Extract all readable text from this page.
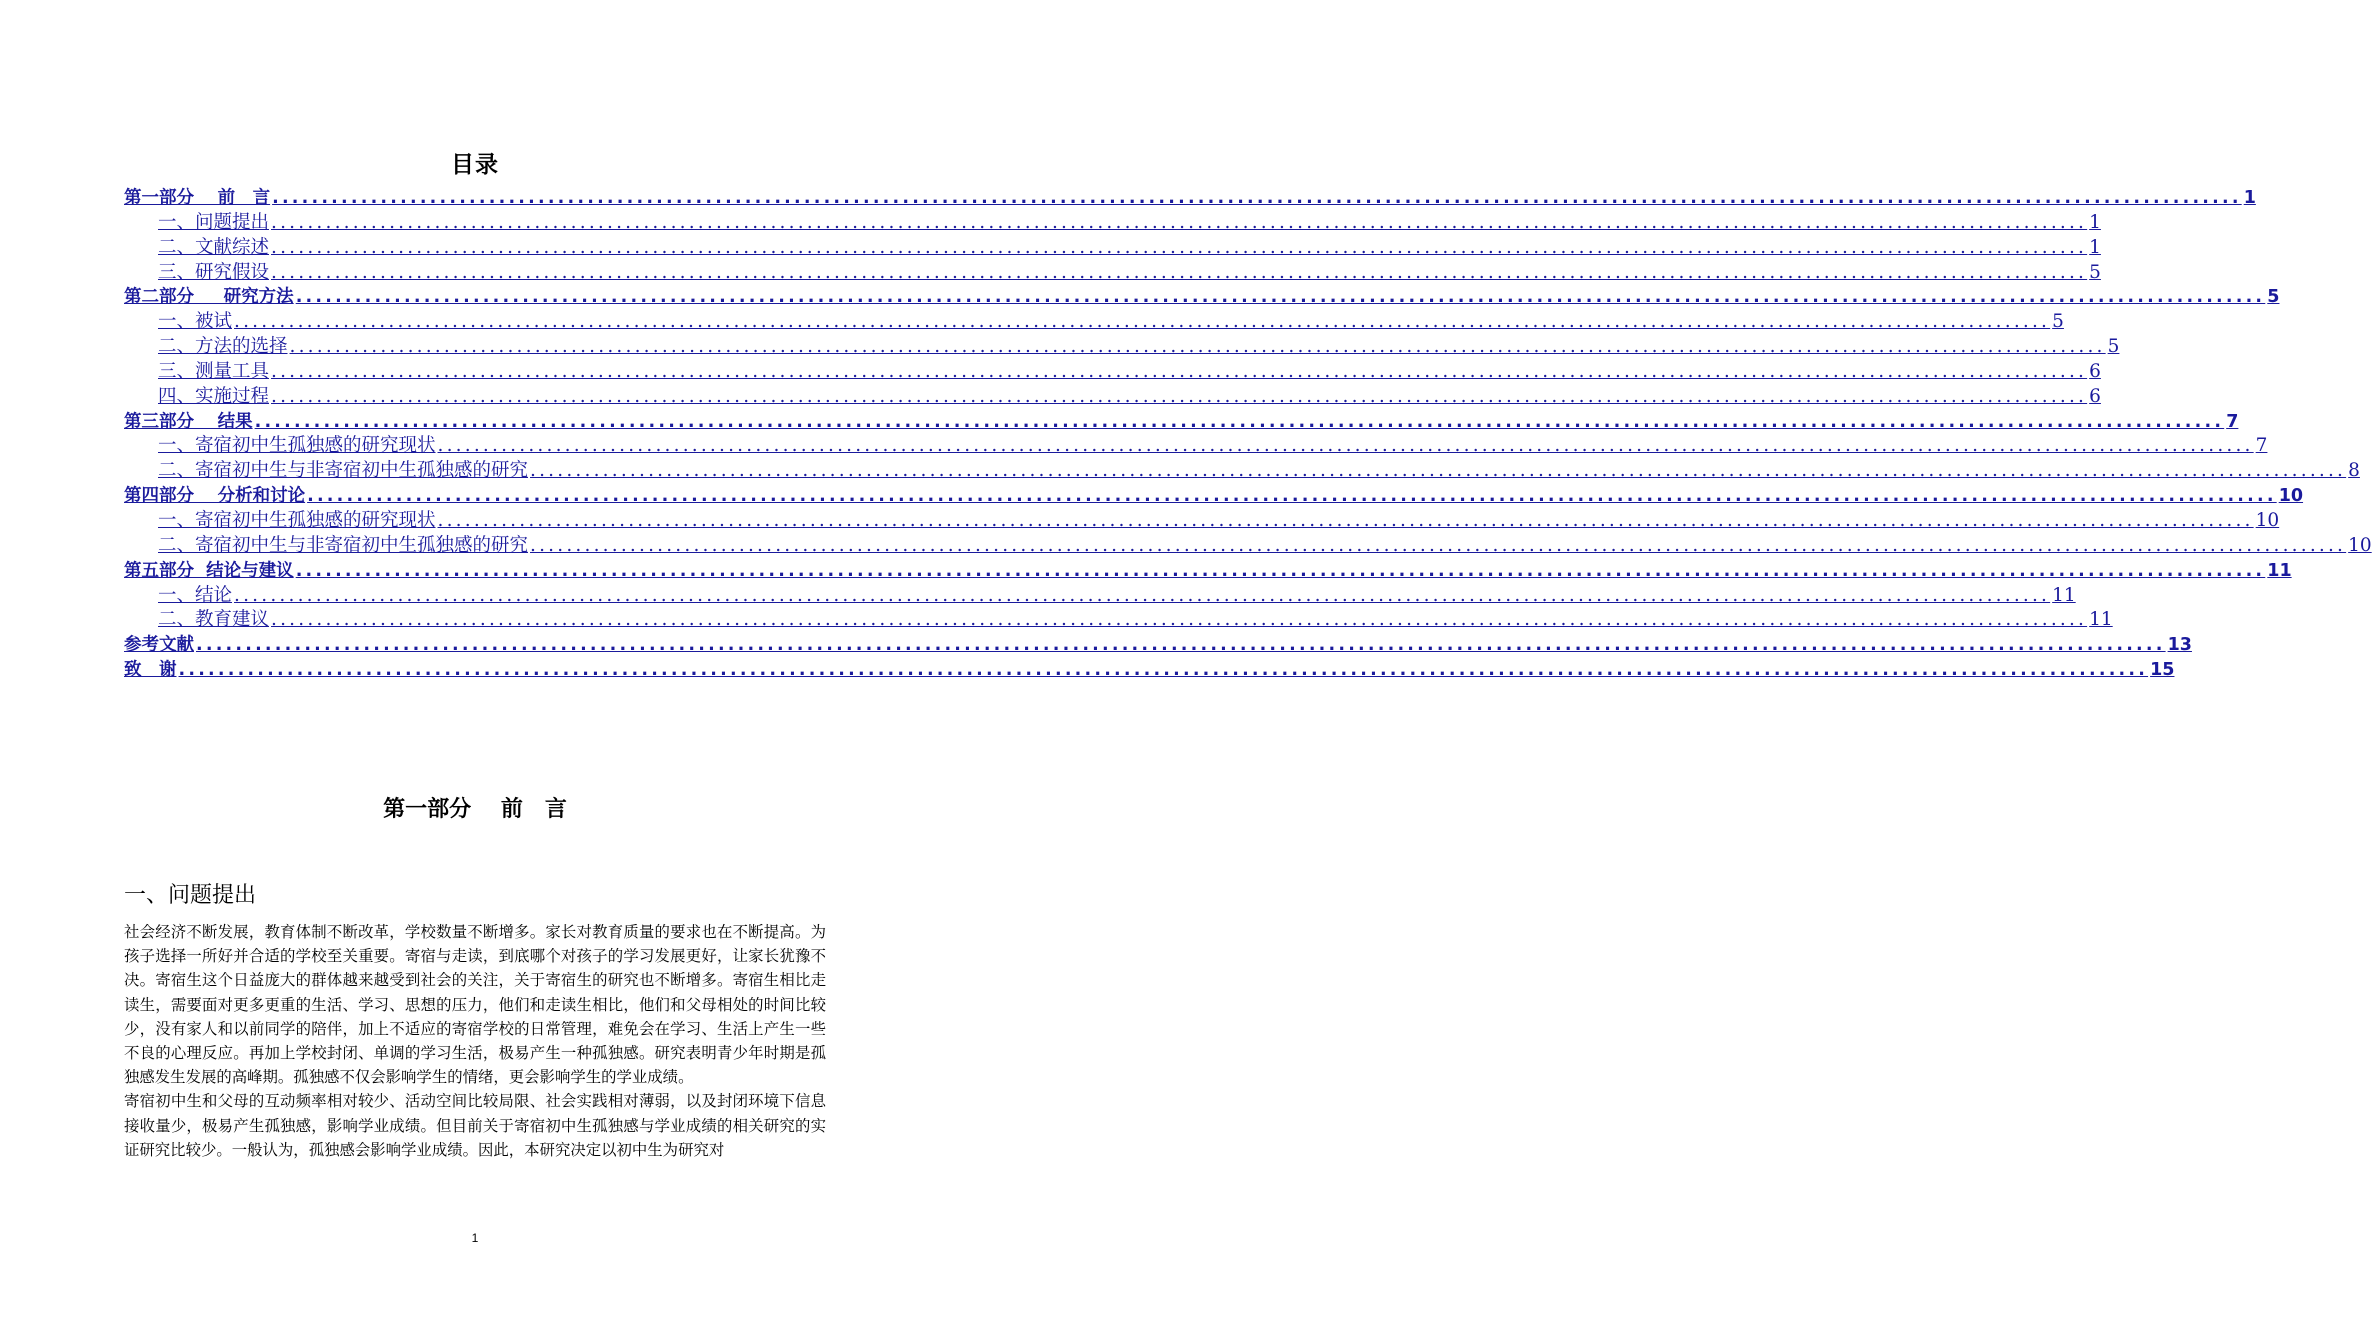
目录
第一部分　 前　言 ........................................................................................................................................................................................................ 1
一、问题提出 ........................................................................................................................................................................................................ 1
二、文献综述 ........................................................................................................................................................................................................ 1
三、研究假设 ........................................................................................................................................................................................................ 5
第二部分　  研究方法 ........................................................................................................................................................................................................ 5
一、被试 ........................................................................................................................................................................................................ 5
二、方法的选择 ........................................................................................................................................................................................................ 5
三、测量工具 ........................................................................................................................................................................................................ 6
四、实施过程 ........................................................................................................................................................................................................ 6
第三部分　 结果 ........................................................................................................................................................................................................ 7
一、寄宿初中生孤独感的研究现状 ........................................................................................................................................................................................................ 7
二、寄宿初中生与非寄宿初中生孤独感的研究 ........................................................................................................................................................................................................ 8
第四部分　 分析和讨论 ........................................................................................................................................................................................................ 10
一、寄宿初中生孤独感的研究现状 ........................................................................................................................................................................................................ 10
二、寄宿初中生与非寄宿初中生孤独感的研究 ........................................................................................................................................................................................................ 10
第五部分  结论与建议 ........................................................................................................................................................................................................ 11
一、结论 ........................................................................................................................................................................................................ 11
二、教育建议 ........................................................................................................................................................................................................ 11
参考文献 ........................................................................................................................................................................................................ 13
致　谢 ........................................................................................................................................................................................................ 15
第一部分　 前　言
一、问题提出

社会经济不断发展，教育体制不断改革，学校数量不断增多。家长对教育质量的要求也在不断提高。为孩子选择一所好并合适的学校至关重要。寄宿与走读，到底哪个对孩子的学习发展更好，让家长犹豫不决。寄宿生这个日益庞大的群体越来越受到社会的关注，关于寄宿生的研究也不断增多。寄宿生相比走读生，需要面对更多更重的生活、学习、思想的压力，他们和走读生相比，他们和父母相处的时间比较少，没有家人和以前同学的陪伴，加上不适应的寄宿学校的日常管理，难免会在学习、生活上产生一些不良的心理反应。再加上学校封闭、单调的学习生活，极易产生一种孤独感。研究表明青少年时期是孤独感发生发展的高峰期。孤独感不仅会影响学生的情绪，更会影响学生的学业成绩。

寄宿初中生和父母的互动频率相对较少、活动空间比较局限、社会实践相对薄弱，以及封闭环境下信息接收量少，极易产生孤独感，影响学业成绩。但目前关于寄宿初中生孤独感与学业成绩的相关研究的实证研究比较少。一般认为，孤独感会影响学业成绩。因此，本研究决定以初中生为研究对

1
